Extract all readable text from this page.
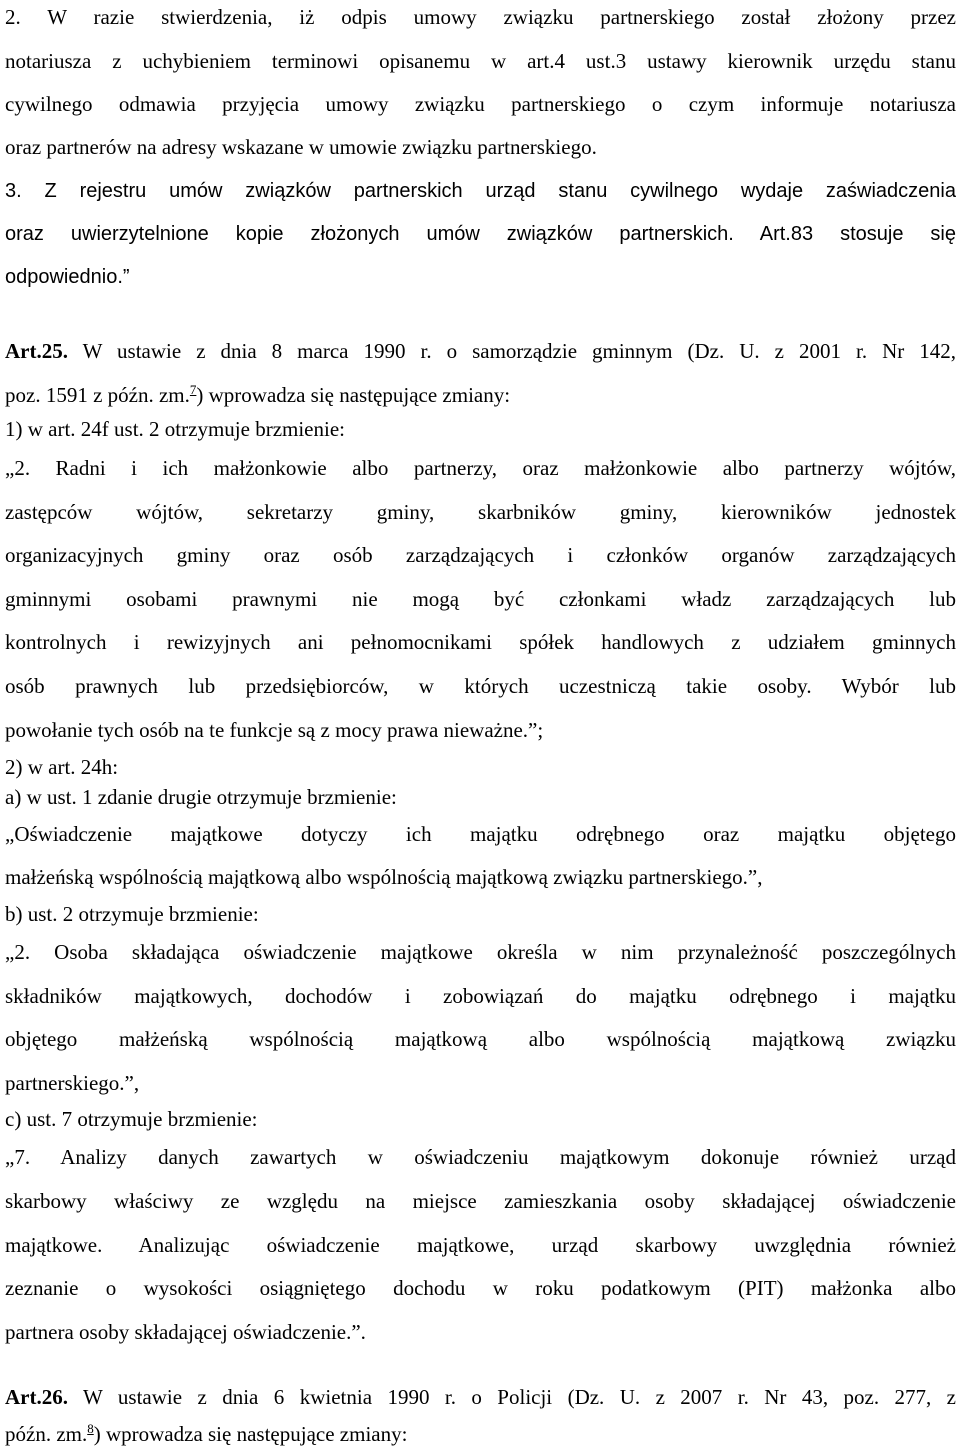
2. W razie stwierdzenia, iż odpis umowy związku partnerskiego został złożony przez
notariusza z uchybieniem terminowi opisanemu w art.4 ust.3 ustawy kierownik urzędu stanu
cywilnego odmawia przyjęcia umowy związku partnerskiego o czym informuje notariusza
oraz partnerów na adresy wskazane w umowie związku partnerskiego.
3. Z rejestru umów związków partnerskich urząd stanu cywilnego wydaje zaświadczenia
oraz uwierzytelnione kopie złożonych umów związków partnerskich. Art.83 stosuje się
odpowiednio.”
Art.25. W ustawie z dnia 8 marca 1990 r. o samorządzie gminnym (Dz. U. z 2001 r. Nr 142,
poz. 1591 z późn. zm.$^7$) wprowadza się następujące zmiany:
1) w art. 24f ust. 2 otrzymuje brzmienie:
„2. Radni i ich małżonkowie albo partnerzy, oraz małżonkowie albo partnerzy wójtów,
zastępców wójtów, sekretarzy gminy, skarbników gminy, kierowników jednostek
organizacyjnych gminy oraz osób zarządzających i członków organów zarządzających
gminnymi osobami prawnymi nie mogą być członkami władz zarządzających lub
kontrolnych i rewizyjnych ani pełnomocnikami spółek handlowych z udziałem gminnych
osób prawnych lub przedsiębiorców, w których uczestniczą takie osoby. Wybór lub
powołanie tych osób na te funkcje są z mocy prawa nieważne.”;
2) w art. 24h:
a) w ust. 1 zdanie drugie otrzymuje brzmienie:
„Oświadczenie majątkowe dotyczy ich majątku odrębnego oraz majątku objętego
małżeńską wspólnością majątkową albo wspólnością majątkową związku partnerskiego.”,
b) ust. 2 otrzymuje brzmienie:
„2. Osoba składająca oświadczenie majątkowe określa w nim przynależność poszczególnych
składników majątkowych, dochodów i zobowiązań do majątku odrębnego i majątku
objętego małżeńską wspólnością majątkową albo wspólnością majątkową związku
partnerskiego.”,
c) ust. 7 otrzymuje brzmienie:
„7. Analizy danych zawartych w oświadczeniu majątkowym dokonuje również urząd
skarbowy właściwy ze względu na miejsce zamieszkania osoby składającej oświadczenie
majątkowe. Analizując oświadczenie majątkowe, urząd skarbowy uwzględnia również
zeznanie o wysokości osiągniętego dochodu w roku podatkowym (PIT) małżonka albo
partnera osoby składającej oświadczenie.”.
Art.26. W ustawie z dnia 6 kwietnia 1990 r. o Policji (Dz. U. z 2007 r. Nr 43, poz. 277, z
późn. zm.$^8$) wprowadza się następujące zmiany:
